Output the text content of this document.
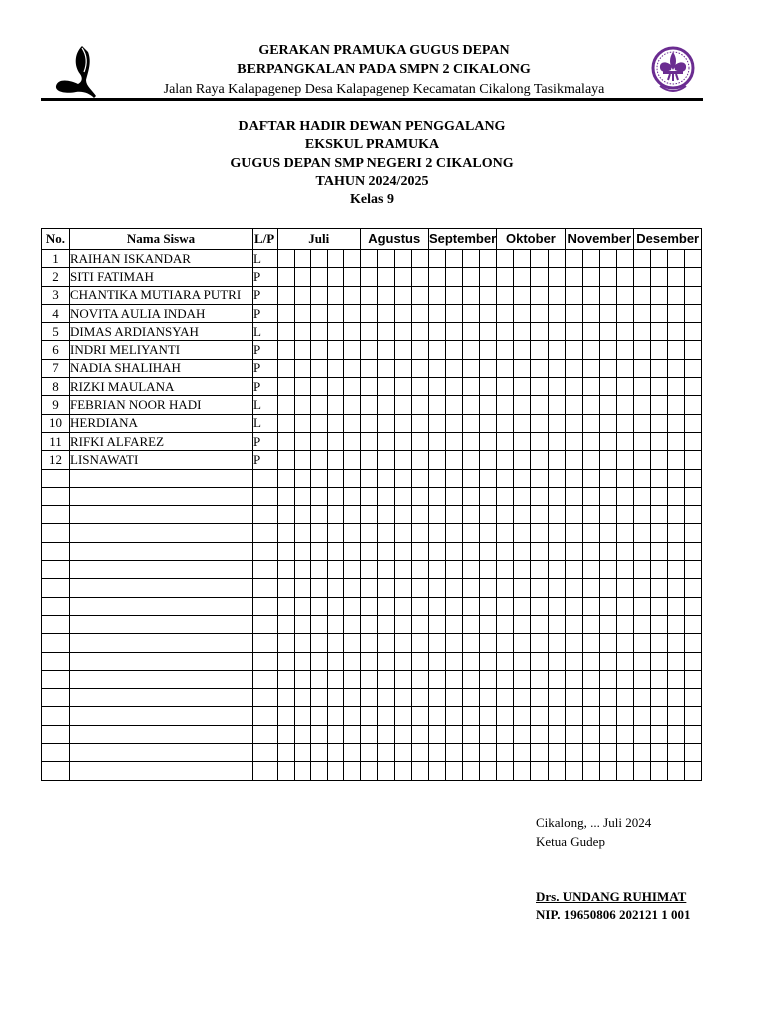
GERAKAN PRAMUKA GUGUS DEPAN
BERPANGKALAN PADA SMPN 2 CIKALONG
Jalan Raya Kalapagenep Desa Kalapagenep Kecamatan Cikalong Tasikmalaya
DAFTAR HADIR DEWAN PENGGALANG
EKSKUL PRAMUKA
GUGUS DEPAN SMP NEGERI 2 CIKALONG
TAHUN 2024/2025
Kelas 9
No.	Nama Siswa	L/P	Juli					Agustus				September				Oktober				November				Desember			
1	RAIHAN ISKANDAR	L																									
2	SITI FATIMAH	P																									
3	CHANTIKA MUTIARA PUTRI	P																									
4	NOVITA AULIA INDAH	P																									
5	DIMAS ARDIANSYAH	L																									
6	INDRI MELIYANTI	P																									
7	NADIA SHALIHAH	P																									
8	RIZKI MAULANA	P																									
9	FEBRIAN NOOR HADI	L																									
10	HERDIANA	L																									
11	RIFKI ALFAREZ	P																									
12	LISNAWATI	P																									

Cikalong, ... Juli 2024
Ketua Gudep
Drs. UNDANG RUHIMAT
NIP. 19650806 202121 1 001
